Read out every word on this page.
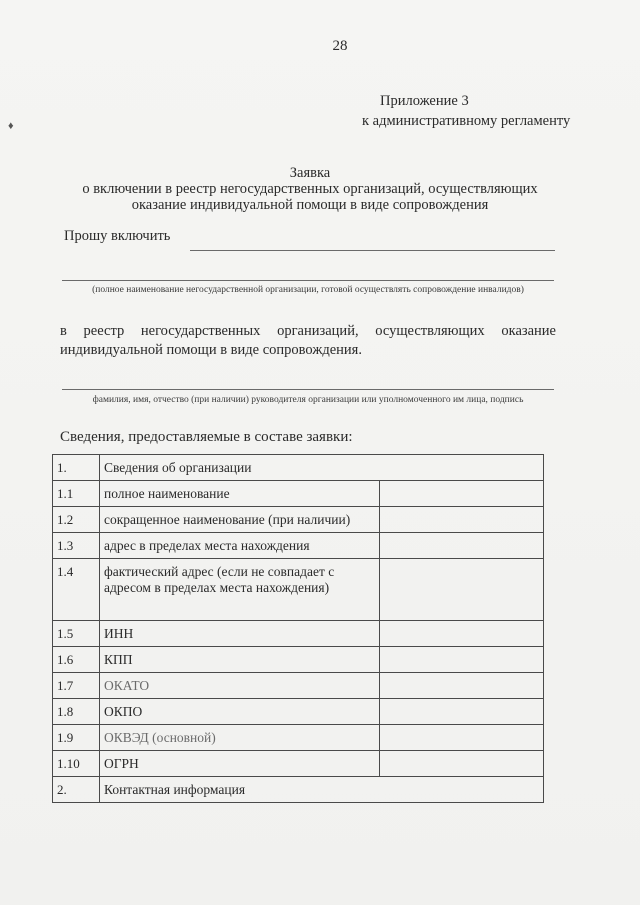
28
Приложение 3
к административному регламенту
♦
Заявка
о включении в реестр негосударственных организаций, осуществляющих
оказание индивидуальной помощи в виде сопровождения
Прошу включить
(полное наименование негосударственной организации, готовой осуществлять сопровождение инвалидов)
в реестр негосударственных организаций, осуществляющих оказание индивидуальной помощи в виде сопровождения.
фамилия, имя, отчество (при наличии) руководителя организации или уполномоченного им лица, подпись
Сведения, предоставляемые в составе заявки:
1.	Сведения об организации	
1.1	полное наименование	
1.2	сокращенное наименование (при наличии)	
1.3	адрес в пределах места нахождения	
1.4	фактический адрес (если не совпадает с адресом в пределах места нахождения)	
1.5	ИНН	
1.6	КПП	
1.7	ОКАТО	
1.8	ОКПО	
1.9	ОКВЭД (основной)	
1.10	ОГРН	
2.	Контактная информация	
